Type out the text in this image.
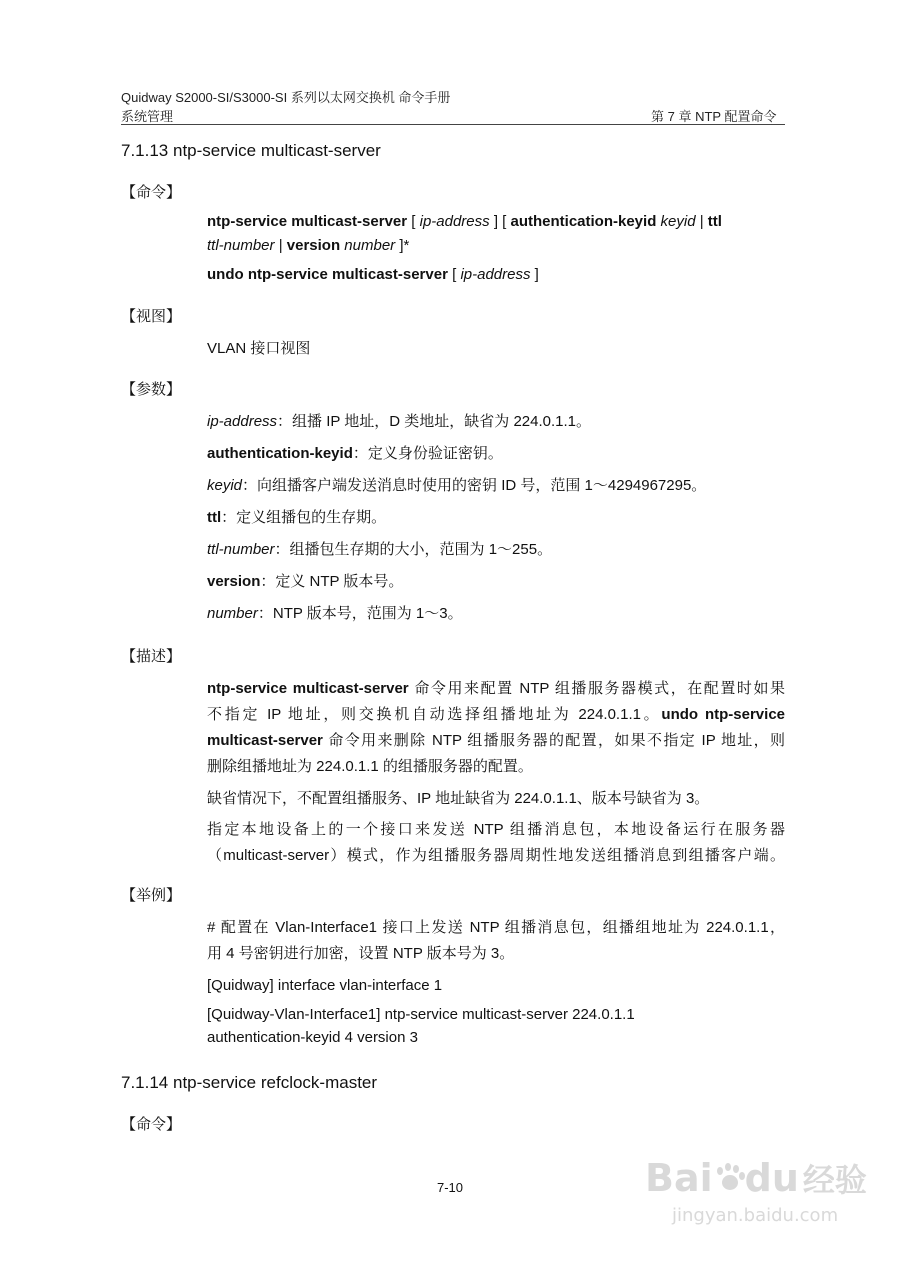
Quidway S2000-SI/S3000-SI 系列以太网交换机 命令手册
系统管理	第 7 章 NTP 配置命令
7.1.13 ntp-service multicast-server
【命令】
ntp-service multicast-server [ ip-address ] [ authentication-keyid keyid | ttl
ttl-number | version number ]*
undo ntp-service multicast-server [ ip-address ]
【视图】
VLAN 接口视图
【参数】
ip-address：组播 IP 地址，D 类地址，缺省为 224.0.1.1。
authentication-keyid：定义身份验证密钥。
keyid：向组播客户端发送消息时使用的密钥 ID 号，范围 1～4294967295。
ttl：定义组播包的生存期。
ttl-number：组播包生存期的大小，范围为 1～255。
version：定义 NTP 版本号。
number：NTP 版本号，范围为 1～3。
【描述】
ntp-service multicast-server 命令用来配置 NTP 组播服务器模式，在配置时如果
不指定 IP 地址，则交换机自动选择组播地址为 224.0.1.1。undo ntp-service
multicast-server 命令用来删除 NTP 组播服务器的配置，如果不指定 IP 地址，则
删除组播地址为 224.0.1.1 的组播服务器的配置。
缺省情况下，不配置组播服务、IP 地址缺省为 224.0.1.1、版本号缺省为 3。
指定本地设备上的一个接口来发送 NTP 组播消息包，本地设备运行在服务器
（multicast-server）模式，作为组播服务器周期性地发送组播消息到组播客户端。
【举例】
# 配置在 Vlan-Interface1 接口上发送 NTP 组播消息包，组播组地址为 224.0.1.1，
用 4 号密钥进行加密，设置 NTP 版本号为 3。
[Quidway] interface vlan-interface 1
[Quidway-Vlan-Interface1] ntp-service multicast-server 224.0.1.1
authentication-keyid 4 version 3
7.1.14 ntp-service refclock-master
【命令】
7-10	Bai du 经验
jingyan.baidu.com
